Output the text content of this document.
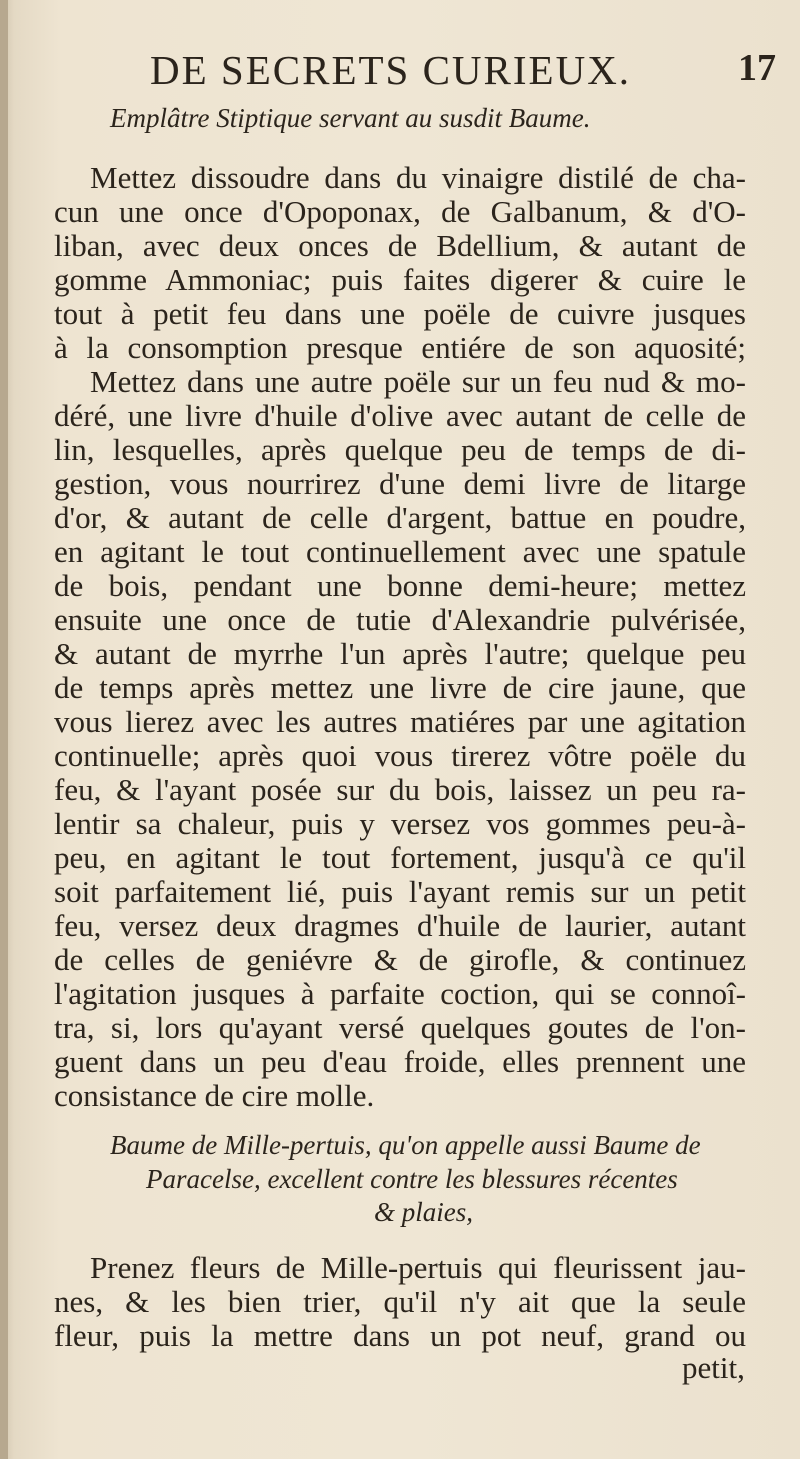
DE SECRETS CURIEUX.	17
Emplâtre Stiptique servant au susdit Baume.
Mettez dissoudre dans du vinaigre distilé de cha-
cun une once d'Opoponax, de Galbanum, & d'O-
liban, avec deux onces de Bdellium, & autant de
gomme Ammoniac; puis faites digerer & cuire le
tout à petit feu dans une poële de cuivre jusques
à la consomption presque entiére de son aquosité;
Mettez dans une autre poële sur un feu nud & mo-
déré, une livre d'huile d'olive avec autant de celle de
lin, lesquelles, après quelque peu de temps de di-
gestion, vous nourrirez d'une demi livre de litarge
d'or, & autant de celle d'argent, battue en poudre,
en agitant le tout continuellement avec une spatule
de bois, pendant une bonne demi-heure; mettez
ensuite une once de tutie d'Alexandrie pulvérisée,
& autant de myrrhe l'un après l'autre; quelque peu
de temps après mettez une livre de cire jaune, que
vous lierez avec les autres matiéres par une agitation
continuelle; après quoi vous tirerez vôtre poële du
feu, & l'ayant posée sur du bois, laissez un peu ra-
lentir sa chaleur, puis y versez vos gommes peu-à-
peu, en agitant le tout fortement, jusqu'à ce qu'il
soit parfaitement lié, puis l'ayant remis sur un petit
feu, versez deux dragmes d'huile de laurier, autant
de celles de geniévre & de girofle, & continuez
l'agitation jusques à parfaite coction, qui se connoî-
tra, si, lors qu'ayant versé quelques goutes de l'on-
guent dans un peu d'eau froide, elles prennent une
consistance de cire molle.
Baume de Mille-pertuis, qu'on appelle aussi Baume de
Paracelse, excellent contre les blessures récentes
& plaies,
Prenez fleurs de Mille-pertuis qui fleurissent jau-
nes, & les bien trier, qu'il n'y ait que la seule
fleur, puis la mettre dans un pot neuf, grand ou
petit,
